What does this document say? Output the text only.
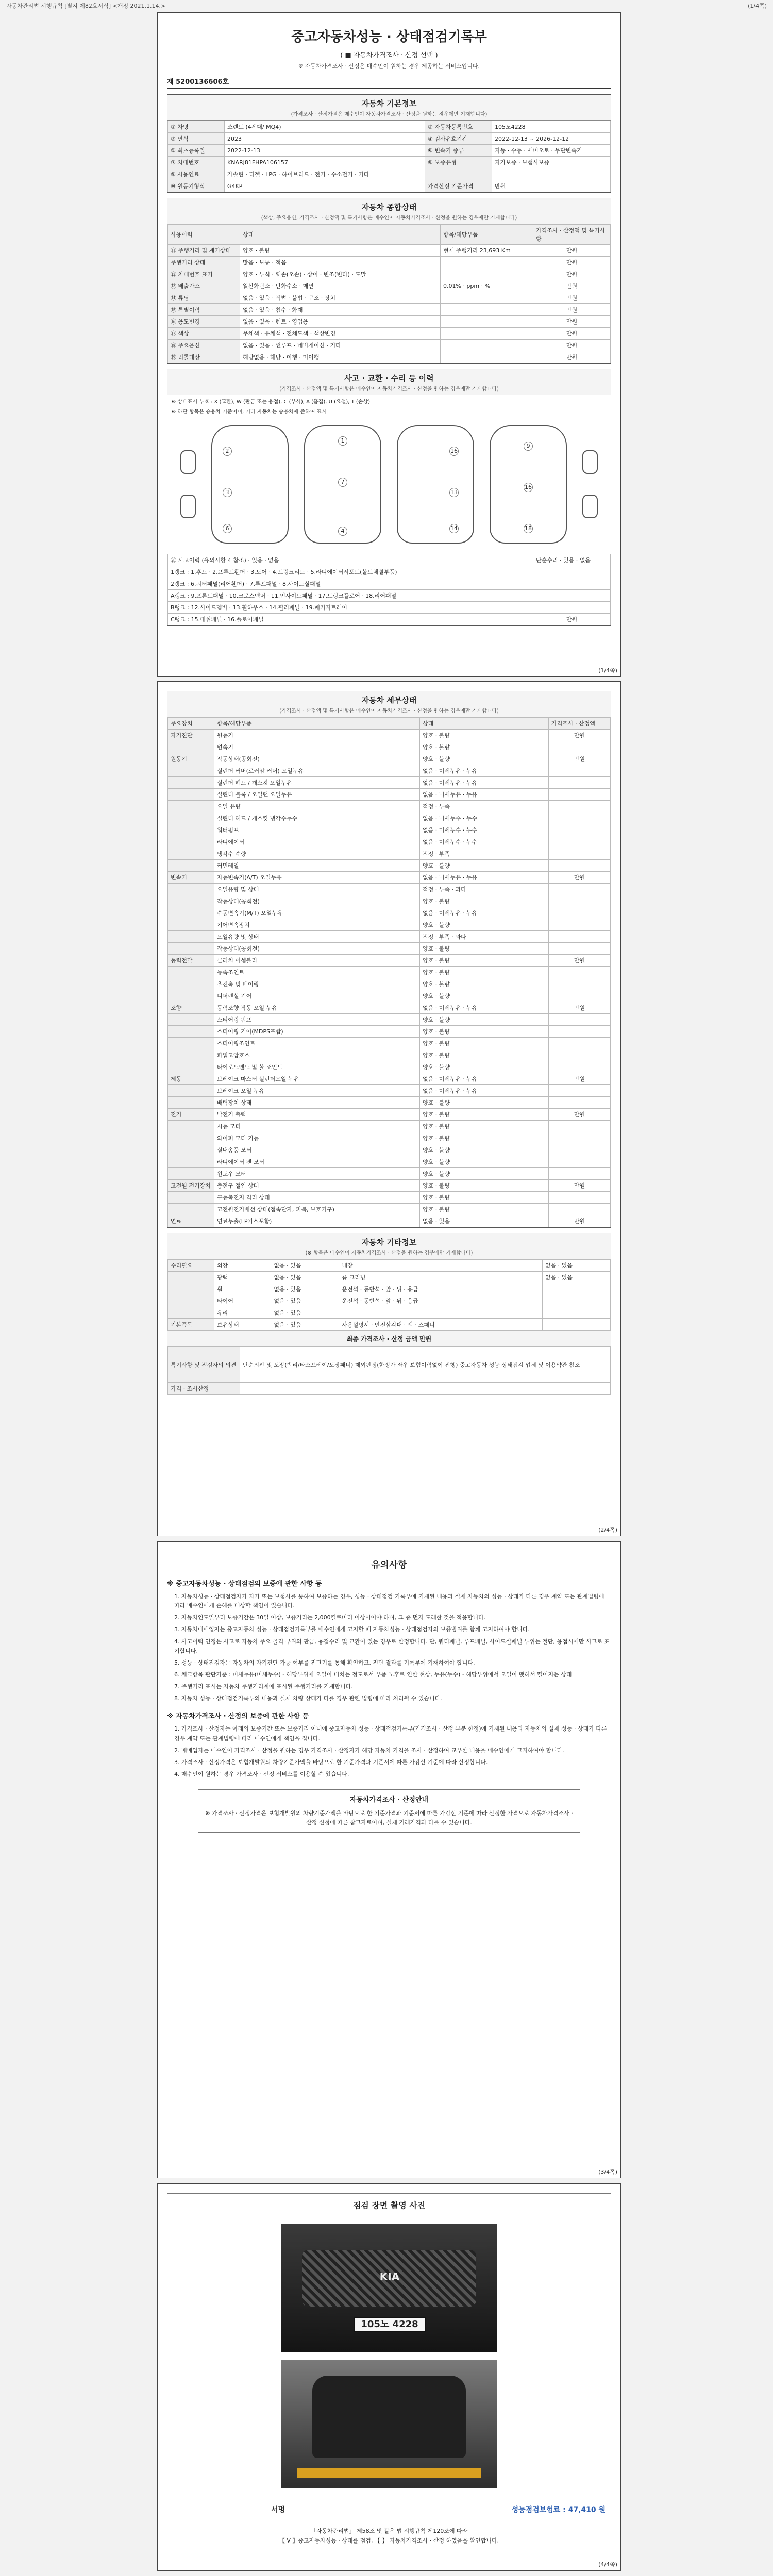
자동차관리법 시행규칙 [별지 제82호서식] <개정 2021.1.14.>	(1/4쪽)
중고자동차성능 · 상태점검기록부
( ■ 자동차가격조사 · 산정 선택 )
※ 자동차가격조사 · 산정은 매수인이 원하는 경우 제공하는 서비스입니다.
제 5200136606호
자동차 기본정보
(가격조사 · 산정가격은 매수인이 자동차가격조사 · 산정을 원하는 경우에만 기재합니다)
① 차명	쏘렌토 (4세대/ MQ4)	② 자동차등록번호	105노4228
③ 연식	2023	④ 검사유효기간	2022-12-13 ~ 2026-12-12
⑤ 최초등록일	2022-12-13	⑥ 변속기 종류	자동 · 수동 · 세미오토 · 무단변속기
⑦ 차대번호	KNARJ81FHPA106157	⑧ 보증유형	자가보증 · 보험사보증
⑨ 사용연료	가솔린 · 디젤 · LPG · 하이브리드 · 전기 · 수소전기 · 기타		
⑩ 원동기형식	G4KP	가격산정 기준가격	만원
자동차 종합상태
(색상, 주요옵션, 가격조사 · 산정액 및 특기사항은 매수인이 자동차가격조사 · 산정을 원하는 경우에만 기재합니다)
사용이력	상태	항목/해당부품	가격조사 · 산정액 및 특기사항
⑪ 주행거리 및 계기상태	양호 · 불량	현재 주행거리 23,693 Km	만원
주행거리 상태	많음 · 보통 · 적음		만원
⑫ 차대번호 표기	양호 · 부식 · 훼손(오손) · 상이 · 변조(변타) · 도말		만원
⑬ 배출가스	일산화탄소 · 탄화수소 · 매연	0.01% · ppm · %	만원
⑭ 튜닝	없음 · 있음 · 적법 · 불법 · 구조 · 장치		만원
⑮ 특별이력	없음 · 있음 · 침수 · 화재		만원
⑯ 용도변경	없음 · 있음 · 렌트 · 영업용		만원
⑰ 색상	무채색 · 유채색 · 전체도색 · 색상변경		만원
⑱ 주요옵션	없음 · 있음 · 썬루프 · 네비게이션 · 기타		만원
⑲ 리콜대상	해당없음 · 해당 · 이행 · 미이행		만원
사고 · 교환 · 수리 등 이력
(가격조사 · 산정액 및 특기사항은 매수인이 자동차가격조사 · 산정을 원하는 경우에만 기재합니다)
※ 상태표시 부호 : X (교환), W (판금 또는 용접), C (부식), A (흠집), U (요철), T (손상)
※ 하단 항목은 승용차 기준이며, 기타 자동차는 승용차에 준하여 표시
2
3
6
1
7
4
16
13
14
9
16
18
⑳ 사고이력 (유의사항 4 참조) · 있음 · 없음	단순수리 · 있음 · 없음
1랭크 : 1.후드 · 2.프론트휀더 · 3.도어 · 4.트렁크리드 · 5.라디에이터서포트(볼트체결부품)	
2랭크 : 6.쿼터패널(리어휀더) · 7.루프패널 · 8.사이드실패널	
A랭크 : 9.프론트패널 · 10.크로스멤버 · 11.인사이드패널 · 17.트렁크플로어 · 18.리어패널	
B랭크 : 12.사이드멤버 · 13.휠하우스 · 14.필러패널 · 19.패키지트레이	
C랭크 : 15.대쉬패널 · 16.플로어패널	만원
(1/4쪽)
자동차 세부상태
(가격조사 · 산정액 및 특기사항은 매수인이 자동차가격조사 · 산정을 원하는 경우에만 기재합니다)
주요장치	항목/해당부품	상태	가격조사 · 산정액
자기진단	원동기	양호 · 불량	만원
	변속기	양호 · 불량	
원동기	작동상태(공회전)	양호 · 불량	만원
	실린더 커버(로커암 커버) 오일누유	없음 · 미세누유 · 누유	
	실린더 헤드 / 개스킷 오일누유	없음 · 미세누유 · 누유	
	실린더 블록 / 오일팬 오일누유	없음 · 미세누유 · 누유	
	오일 유량	적정 · 부족	
	실린더 헤드 / 개스킷 냉각수누수	없음 · 미세누수 · 누수	
	워터펌프	없음 · 미세누수 · 누수	
	라디에이터	없음 · 미세누수 · 누수	
	냉각수 수량	적정 · 부족	
	커먼레일	양호 · 불량	
변속기	자동변속기(A/T) 오일누유	없음 · 미세누유 · 누유	만원
	오일유량 및 상태	적정 · 부족 · 과다	
	작동상태(공회전)	양호 · 불량	
	수동변속기(M/T) 오일누유	없음 · 미세누유 · 누유	
	기어변속장치	양호 · 불량	
	오일유량 및 상태	적정 · 부족 · 과다	
	작동상태(공회전)	양호 · 불량	
동력전달	클러치 어셈블리	양호 · 불량	만원
	등속조인트	양호 · 불량	
	추진축 및 베어링	양호 · 불량	
	디퍼렌셜 기어	양호 · 불량	
조향	동력조향 작동 오일 누유	없음 · 미세누유 · 누유	만원
	스티어링 펌프	양호 · 불량	
	스티어링 기어(MDPS포함)	양호 · 불량	
	스티어링조인트	양호 · 불량	
	파워고압호스	양호 · 불량	
	타이로드엔드 및 볼 조인트	양호 · 불량	
제동	브레이크 마스터 실린더오일 누유	없음 · 미세누유 · 누유	만원
	브레이크 오일 누유	없음 · 미세누유 · 누유	
	배력장치 상태	양호 · 불량	
전기	발전기 출력	양호 · 불량	만원
	시동 모터	양호 · 불량	
	와이퍼 모터 기능	양호 · 불량	
	실내송풍 모터	양호 · 불량	
	라디에이터 팬 모터	양호 · 불량	
	윈도우 모터	양호 · 불량	
고전원 전기장치	충전구 절연 상태	양호 · 불량	만원
	구동축전지 격리 상태	양호 · 불량	
	고전원전기배선 상태(접속단자, 피복, 보호기구)	양호 · 불량	
연료	연료누출(LP가스포함)	없음 · 있음	만원
자동차 기타정보
(※ 항목은 매수인이 자동차가격조사 · 산정을 원하는 경우에만 기재합니다)
수리필요	외장	없음 · 있음	내장	없음 · 있음
	광택	없음 · 있음	룸 크리닝	없음 · 있음
	휠	없음 · 있음	운전석 · 동반석 · 앞 · 뒤 · 응급	
	타이어	없음 · 있음	운전석 · 동반석 · 앞 · 뒤 · 응급	
	유리	없음 · 있음		
기본품목	보유상태	없음 · 있음	사용설명서 · 안전삼각대 · 잭 · 스패너	
최종 가격조사 · 산정 금액 만원
특기사항 및 점검자의 의견	단순외판 및 도장(박리/타스프레이/도장패너) 제외판정(한정가 좌우 보험이력없이 진행) 중고자동차 성능 상태점검 업체 및 이용약관 참조
가격 · 조사산정	
(2/4쪽)
유의사항
※ 중고자동차성능 · 상태점검의 보증에 관한 사항 등
1. 자동차성능 · 상태점검자가 자가 또는 보험사를 통하여 보증하는 경우, 성능 · 상태점검 기록부에 기재된 내용과 실제 자동차의 성능 · 상태가 다른 경우 계약 또는 관계법령에 따라 매수인에게 손해를 배상할 책임이 있습니다.
2. 자동차인도일부터 보증기간은 30일 이상, 보증거리는 2,000킬로미터 이상이어야 하며, 그 중 먼저 도래한 것을 적용합니다.
3. 자동차매매업자는 중고자동차 성능 · 상태점검기록부를 매수인에게 고지할 때 자동차성능 · 상태점검자의 보증범위를 함께 고지하여야 합니다.
4. 사고이력 인정은 사고로 자동차 주요 골격 부위의 판금, 용접수리 및 교환이 있는 경우로 한정합니다. 단, 쿼터패널, 루프패널, 사이드실패널 부위는 절단, 용접시에만 사고로 표기합니다.
5. 성능 · 상태점검자는 자동차의 자기진단 가능 여부를 진단기를 통해 확인하고, 진단 결과를 기록부에 기재하여야 합니다.
6. 체크항목 판단기준 : 미세누유(미세누수) - 해당부위에 오일이 비치는 정도로서 부품 노후로 인한 현상, 누유(누수) - 해당부위에서 오일이 맺혀서 떨어지는 상태
7. 주행거리 표시는 자동차 주행거리계에 표시된 주행거리를 기재합니다.
8. 자동차 성능 · 상태점검기록부의 내용과 실제 차량 상태가 다를 경우 관련 법령에 따라 처리될 수 있습니다.
※ 자동차가격조사 · 산정의 보증에 관한 사항 등
1. 가격조사 · 산정자는 아래의 보증기간 또는 보증거리 이내에 중고자동차 성능 · 상태점검기록부(가격조사 · 산정 부분 한정)에 기재된 내용과 자동차의 실제 성능 · 상태가 다른 경우 계약 또는 관계법령에 따라 매수인에게 책임을 집니다.
2. 매매업자는 매수인이 가격조사 · 산정을 원하는 경우 가격조사 · 산정자가 해당 자동차 가격을 조사 · 산정하여 교부한 내용을 매수인에게 고지하여야 합니다.
3. 가격조사 · 산정가격은 보험개발원의 차량기준가액을 바탕으로 한 기준가격과 기준서에 따른 가감산 기준에 따라 산정합니다.
4. 매수인이 원하는 경우 가격조사 · 산정 서비스를 이용할 수 있습니다.
자동차가격조사 · 산정안내
※ 가격조사 · 산정가격은 보험개발원의 차량기준가액을 바탕으로 한 기준가격과 기준서에 따른 가감산 기준에 따라 산정한 가격으로 자동차가격조사 · 산정 신청에 따른 참고자료이며, 실제 거래가격과 다를 수 있습니다.
(3/4쪽)
점검 장면 촬영 사진
KIA
105노 4228
서명	성능점검보험료 : 47,410 원
「자동차관리법」 제58조 및 같은 법 시행규칙 제120조에 따라
【 V 】중고자동차성능 · 상태를 점검, 【 】 자동차가격조사 · 산정 하였음을 확인합니다.
(4/4쪽)
